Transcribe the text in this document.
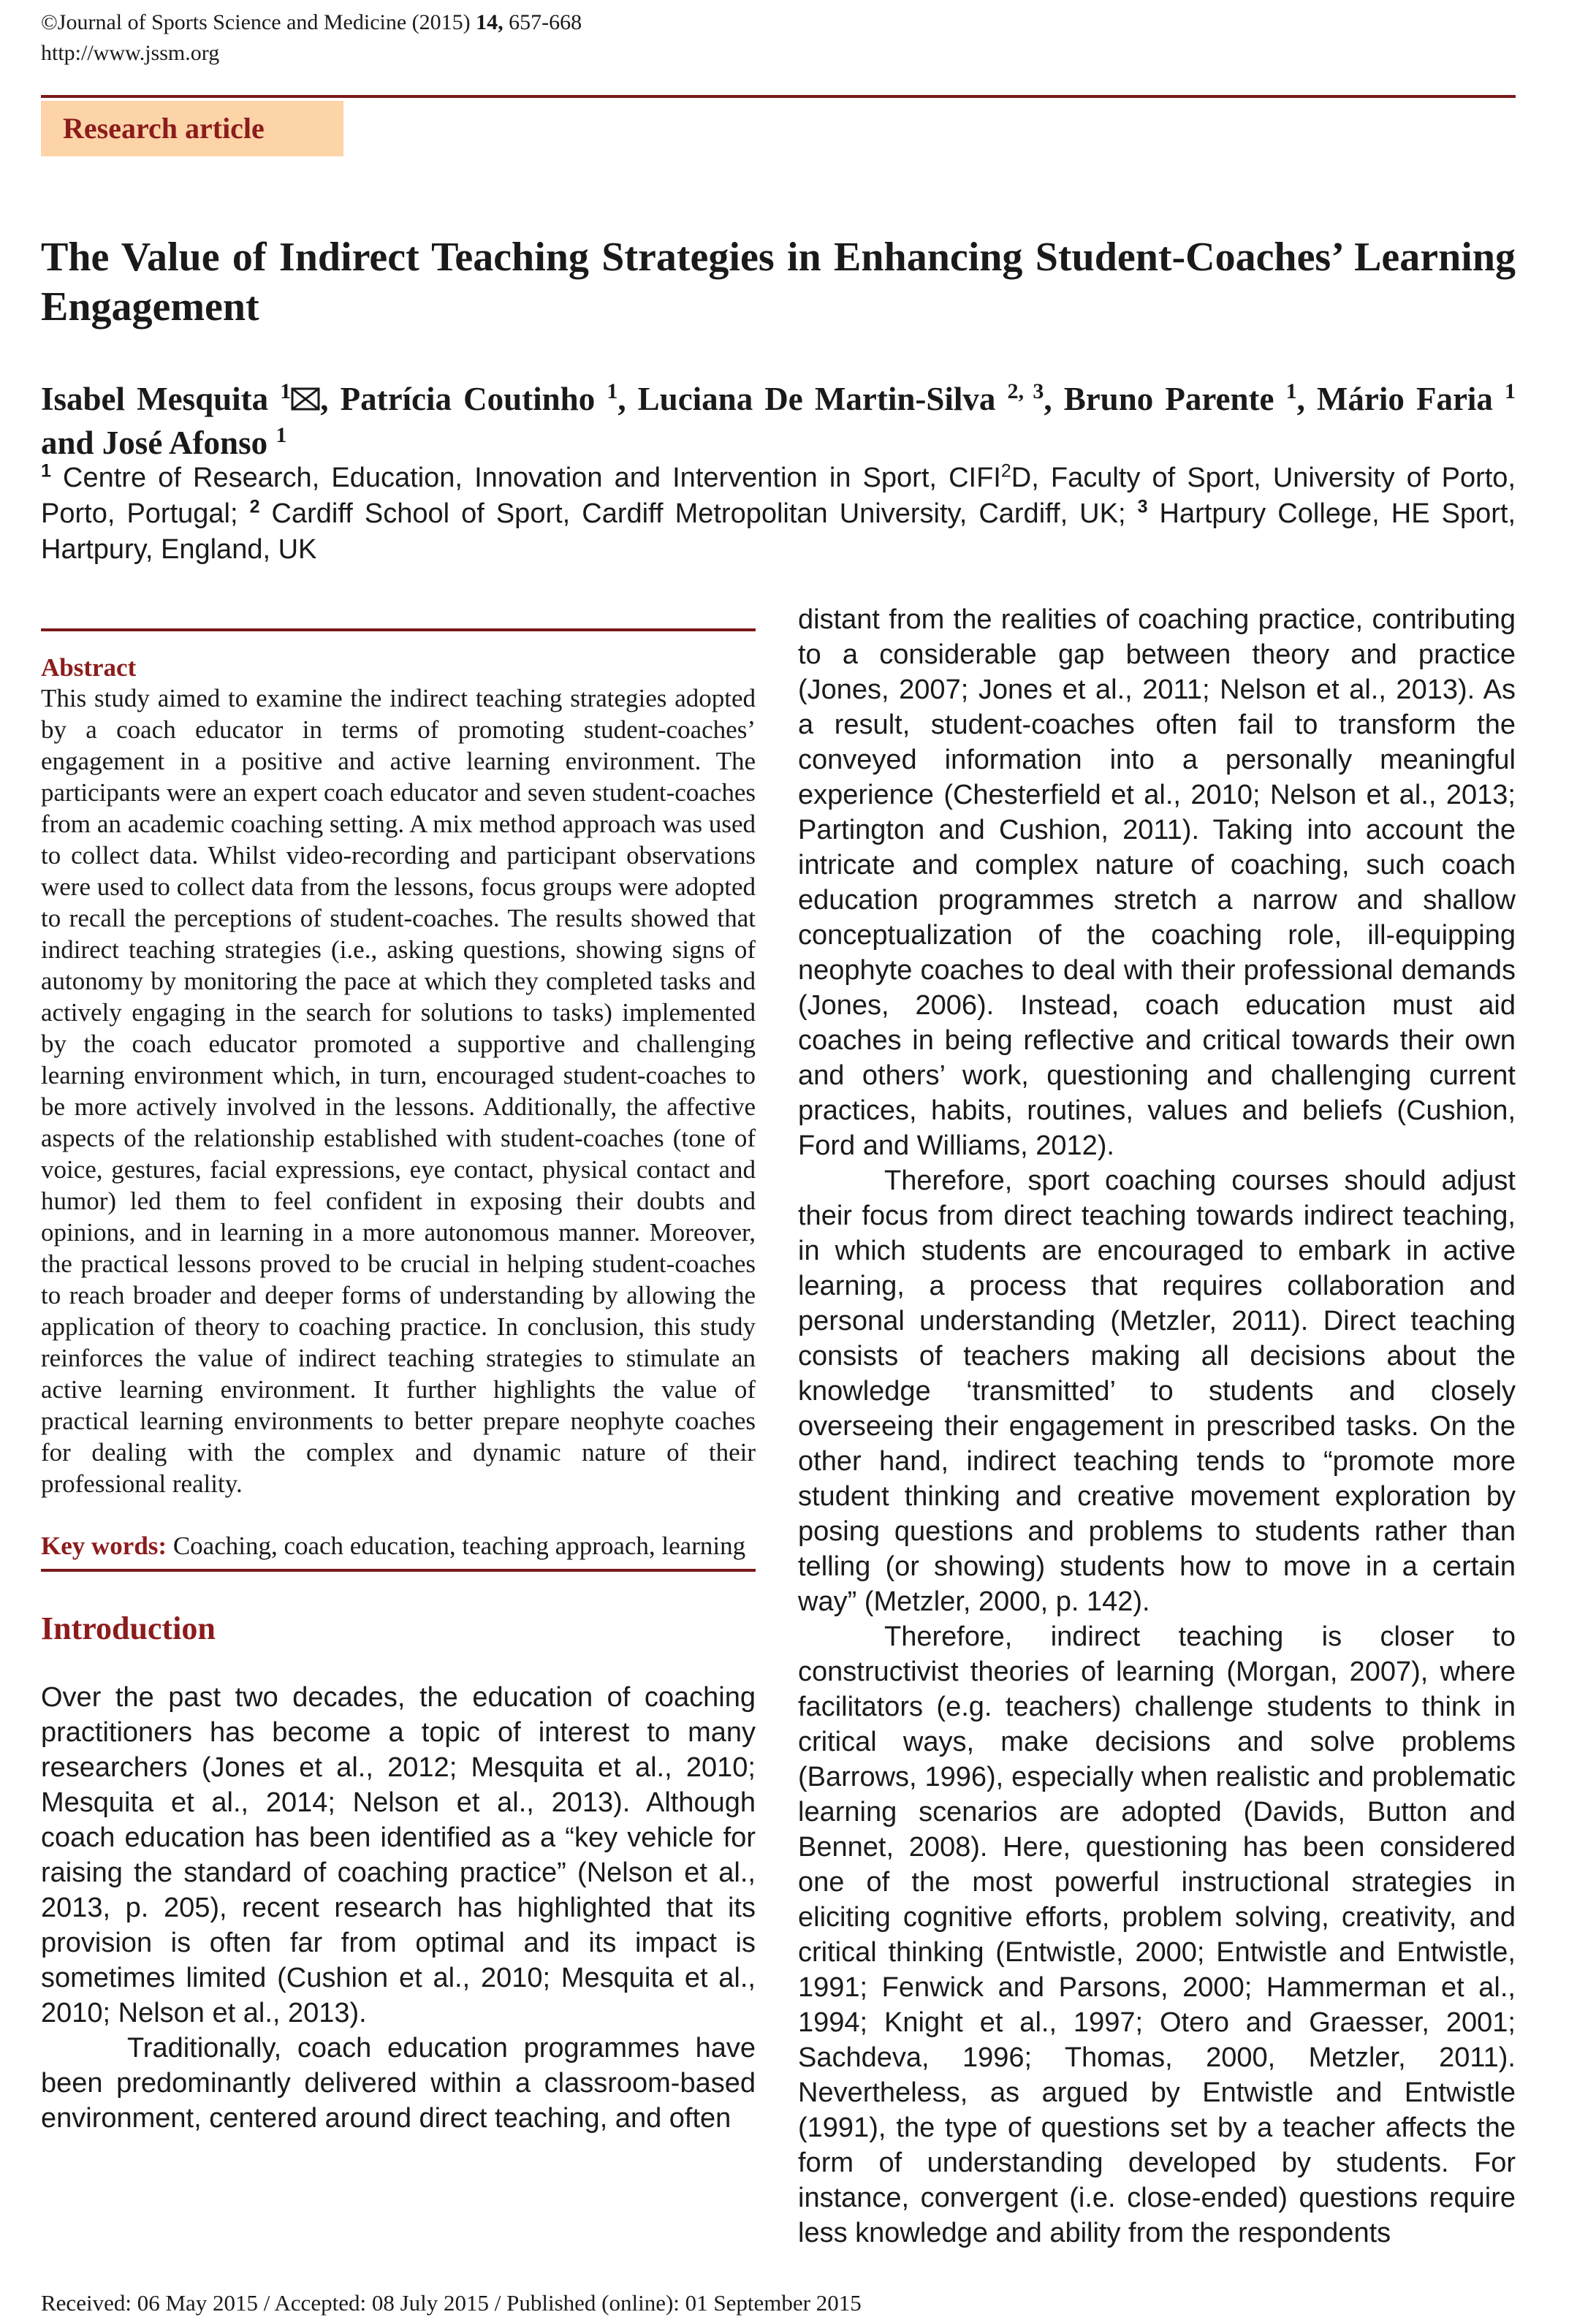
©Journal of Sports Science and Medicine (2015) 14, 657-668
http://www.jssm.org
Research article
The Value of Indirect Teaching Strategies in Enhancing Student-Coaches’ Learning Engagement
Isabel Mesquita $^1$ , Patrícia Coutinho $^1$, Luciana De Martin-Silva $^{2, 3}$, Bruno Parente $^1$, Mário Faria $^1$ and José Afonso $^1$
$^1$ Centre of Research, Education, Innovation and Intervention in Sport, CIFI$^2$D, Faculty of Sport, University of Porto, Porto, Portugal; $^2$ Cardiff School of Sport, Cardiff Metropolitan University, Cardiff, UK; $^3$ Hartpury College, HE Sport, Hartpury, England, UK
Abstract

This study aimed to examine the indirect teaching strategies adopted by a coach educator in terms of promoting student-coaches’ engagement in a positive and active learning environment. The participants were an expert coach educator and seven student-coaches from an academic coaching setting. A mix method approach was used to collect data. Whilst video-recording and participant observations were used to collect data from the lessons, focus groups were adopted to recall the perceptions of student-coaches. The results showed that indirect teaching strategies (i.e., asking questions, showing signs of autonomy by monitoring the pace at which they completed tasks and actively engaging in the search for solutions to tasks) implemented by the coach educator promoted a supportive and challenging learning environment which, in turn, encouraged student-coaches to be more actively involved in the lessons. Additionally, the affective aspects of the relationship established with student-coaches (tone of voice, gestures, facial expressions, eye contact, physical contact and humor) led them to feel confident in exposing their doubts and opinions, and in learning in a more autonomous manner. Moreover, the practical lessons proved to be crucial in helping student-coaches to reach broader and deeper forms of understanding by allowing the application of theory to coaching practice. In conclusion, this study reinforces the value of indirect teaching strategies to stimulate an active learning environment. It further highlights the value of practical learning environments to better prepare neophyte coaches for dealing with the complex and dynamic nature of their professional reality.

Key words: Coaching, coach education, teaching approach, learning
Introduction

Over the past two decades, the education of coaching practitioners has become a topic of interest to many researchers (Jones et al., 2012; Mesquita et al., 2010; Mesquita et al., 2014; Nelson et al., 2013). Although coach education has been identified as a “key vehicle for raising the standard of coaching practice” (Nelson et al., 2013, p. 205), recent research has highlighted that its provision is often far from optimal and its impact is sometimes limited (Cushion et al., 2010; Mesquita et al., 2010; Nelson et al., 2013).

Traditionally, coach education programmes have been predominantly delivered within a classroom-based environment, centered around direct teaching, and often

distant from the realities of coaching practice, contributing to a considerable gap between theory and practice (Jones, 2007; Jones et al., 2011; Nelson et al., 2013). As a result, student-coaches often fail to transform the conveyed information into a personally meaningful experience (Chesterfield et al., 2010; Nelson et al., 2013; Partington and Cushion, 2011). Taking into account the intricate and complex nature of coaching, such coach education programmes stretch a narrow and shallow conceptualization of the coaching role, ill-equipping neophyte coaches to deal with their professional demands (Jones, 2006). Instead, coach education must aid coaches in being reflective and critical towards their own and others’ work, questioning and challenging current practices, habits, routines, values and beliefs (Cushion, Ford and Williams, 2012).

Therefore, sport coaching courses should adjust their focus from direct teaching towards indirect teaching, in which students are encouraged to embark in active learning, a process that requires collaboration and personal understanding (Metzler, 2011). Direct teaching consists of teachers making all decisions about the knowledge ‘transmitted’ to students and closely overseeing their engagement in prescribed tasks. On the other hand, indirect teaching tends to “promote more student thinking and creative movement exploration by posing questions and problems to students rather than telling (or showing) students how to move in a certain way” (Metzler, 2000, p. 142).

Therefore, indirect teaching is closer to constructivist theories of learning (Morgan, 2007), where facilitators (e.g. teachers) challenge students to think in critical ways, make decisions and solve problems (Barrows, 1996), especially when realistic and problematic learning scenarios are adopted (Davids, Button and Bennet, 2008). Here, questioning has been considered one of the most powerful instructional strategies in eliciting cognitive efforts, problem solving, creativity, and critical thinking (Entwistle, 2000; Entwistle and Entwistle, 1991; Fenwick and Parsons, 2000; Hammerman et al., 1994; Knight et al., 1997; Otero and Graesser, 2001; Sachdeva, 1996; Thomas, 2000, Metzler, 2011). Nevertheless, as argued by Entwistle and Entwistle (1991), the type of questions set by a teacher affects the form of understanding developed by students. For instance, convergent (i.e. close-ended) questions require less knowledge and ability from the respondents

Received: 06 May 2015 / Accepted: 08 July 2015 / Published (online): 01 September 2015
